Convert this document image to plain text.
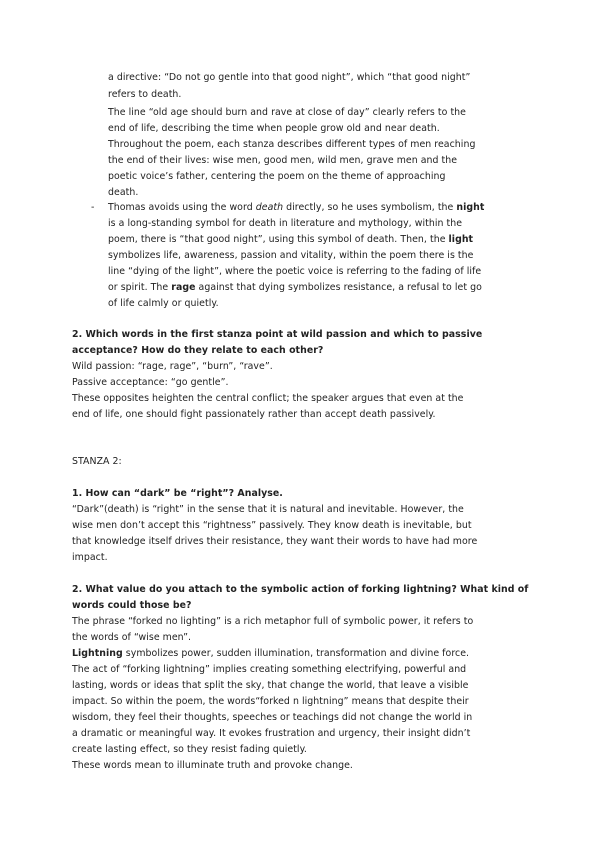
a directive: “Do not go gentle into that good night”, which “that good night”
refers to death.
The line “old age should burn and rave at close of day” clearly refers to the
end of life, describing the time when people grow old and near death.
Throughout the poem, each stanza describes different types of men reaching
the end of their lives: wise men, good men, wild men, grave men and the
poetic voice’s father, centering the poem on the theme of approaching
death.
- Thomas avoids using the word death directly, so he uses symbolism, the night
is a long-standing symbol for death in literature and mythology, within the
poem, there is “that good night”, using this symbol of death. Then, the light
symbolizes life, awareness, passion and vitality, within the poem there is the
line “dying of the light”, where the poetic voice is referring to the fading of life
or spirit. The rage against that dying symbolizes resistance, a refusal to let go
of life calmly or quietly.
2. Which words in the first stanza point at wild passion and which to passive
acceptance? How do they relate to each other?
Wild passion: “rage, rage”, “burn”, “rave”.
Passive acceptance: “go gentle”.
These opposites heighten the central conflict; the speaker argues that even at the
end of life, one should fight passionately rather than accept death passively.
STANZA 2:
1. How can “dark” be “right”? Analyse.
“Dark”(death) is “right” in the sense that it is natural and inevitable. However, the
wise men don’t accept this “rightness” passively. They know death is inevitable, but
that knowledge itself drives their resistance, they want their words to have had more
impact.
2. What value do you attach to the symbolic action of forking lightning? What kind of
words could those be?
The phrase “forked no lighting” is a rich metaphor full of symbolic power, it refers to
the words of “wise men”.
Lightning symbolizes power, sudden illumination, transformation and divine force.
The act of “forking lightning” implies creating something electrifying, powerful and
lasting, words or ideas that split the sky, that change the world, that leave a visible
impact. So within the poem, the words“forked n lightning” means that despite their
wisdom, they feel their thoughts, speeches or teachings did not change the world in
a dramatic or meaningful way. It evokes frustration and urgency, their insight didn’t
create lasting effect, so they resist fading quietly.
These words mean to illuminate truth and provoke change.
